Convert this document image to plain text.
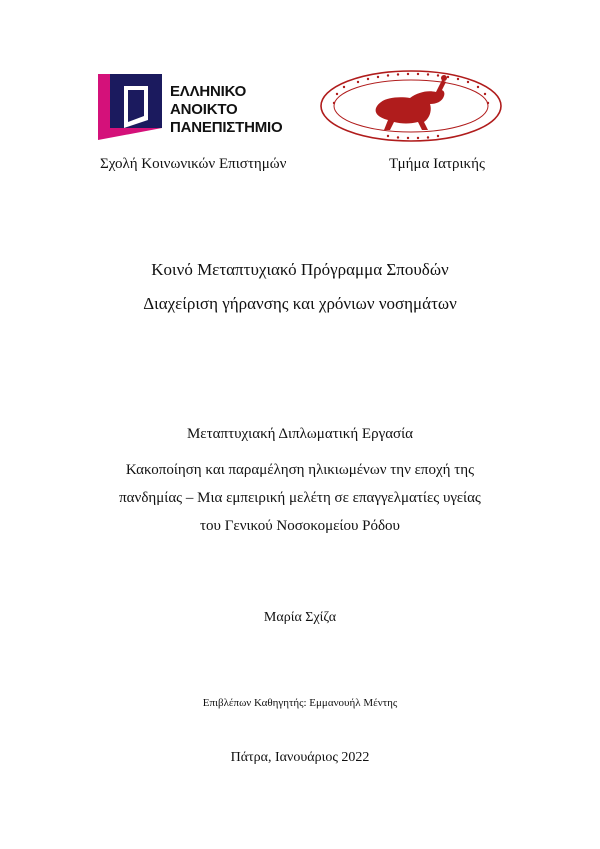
ΕΛΛΗΝΙΚΟ
ΑΝΟΙΚΤΟ
ΠΑΝΕΠΙΣΤΗΜΙΟ
Σχολή Κοινωνικών Επιστημών	Τμήμα Ιατρικής
Κοινό Μεταπτυχιακό Πρόγραμμα Σπουδών
Διαχείριση γήρανσης και χρόνιων νοσημάτων
Μεταπτυχιακή Διπλωματική Εργασία
Κακοποίηση και παραμέληση ηλικιωμένων την εποχή της πανδημίας – Μια εμπειρική μελέτη σε επαγγελματίες υγείας του Γενικού Νοσοκομείου Ρόδου
Μαρία Σχίζα
Επιβλέπων Καθηγητής: Εμμανουήλ Μέντης
Πάτρα, Ιανουάριος 2022
